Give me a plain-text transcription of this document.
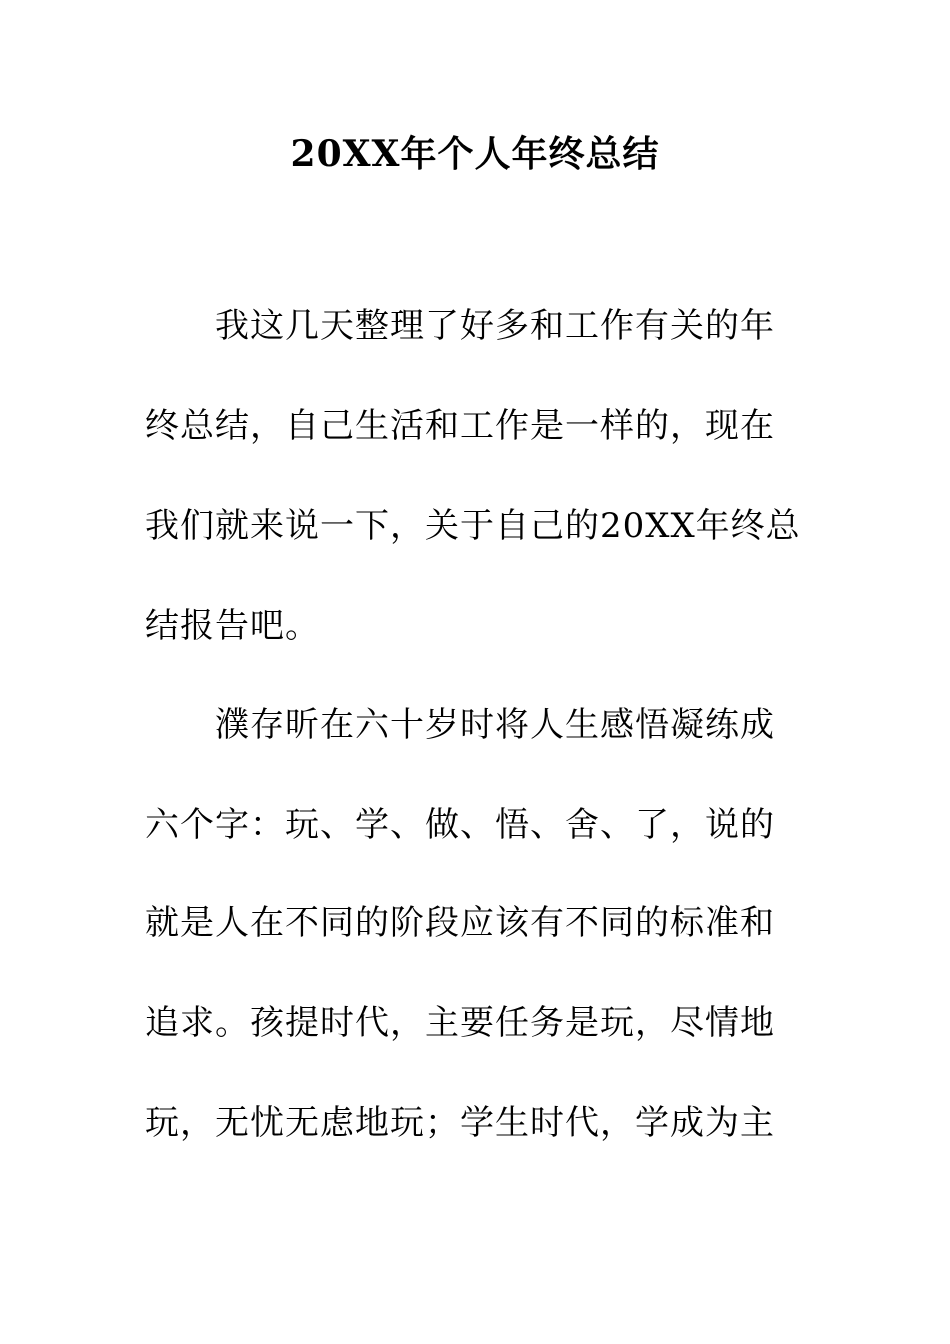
20XX年个人年终总结
我这几天整理了好多和工作有关的年
终总结，自己生活和工作是一样的，现在
我们就来说一下，关于自己的20XX年终总
结报告吧。
濮存昕在六十岁时将人生感悟凝练成
六个字：玩、学、做、悟、舍、了，说的
就是人在不同的阶段应该有不同的标准和
追求。孩提时代，主要任务是玩，尽情地
玩，无忧无虑地玩；学生时代，学成为主
